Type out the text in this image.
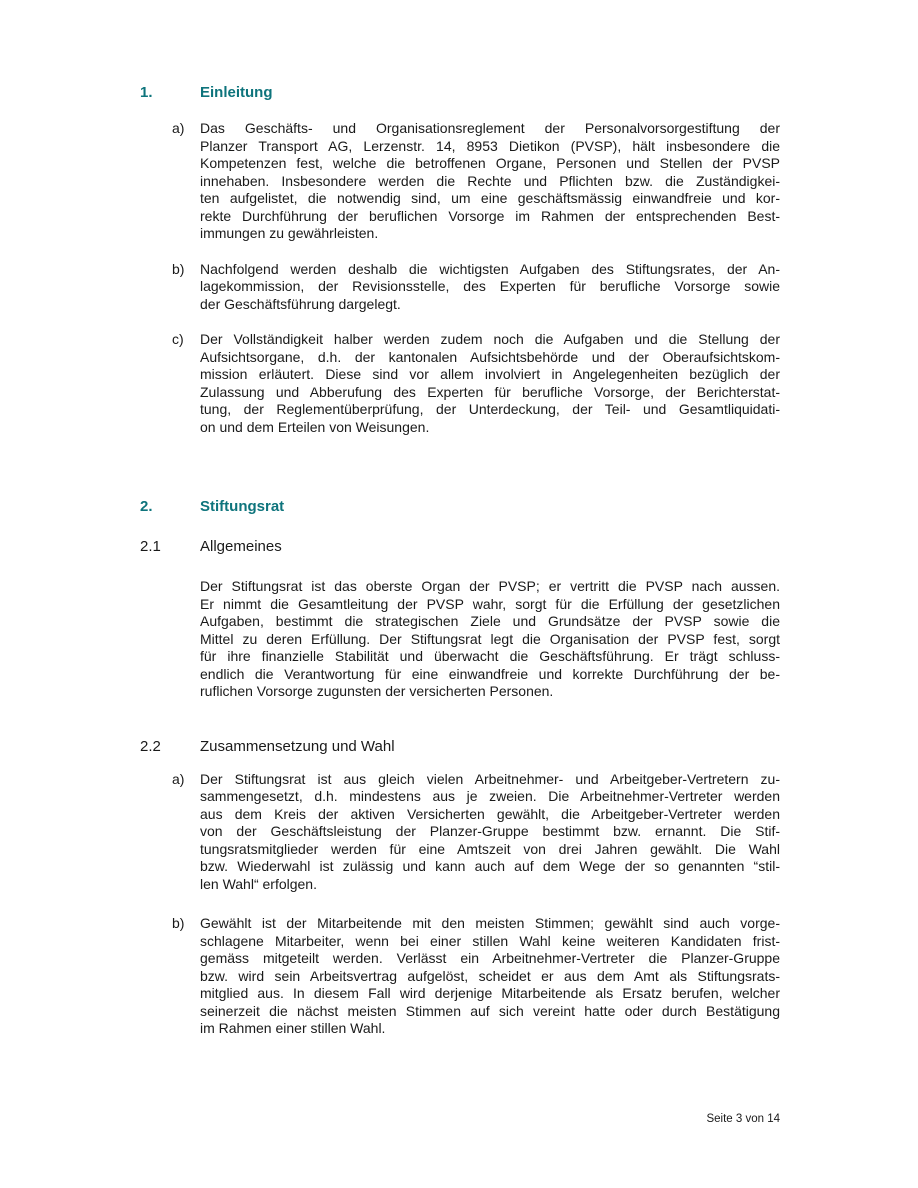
1.	Einleitung
a)	Das Geschäfts- und Organisationsreglement der Personalvorsorgestiftung der
Planzer Transport AG, Lerzenstr. 14, 8953 Dietikon (PVSP), hält insbesondere die
Kompetenzen fest, welche die betroffenen Organe, Personen und Stellen der PVSP
innehaben. Insbesondere werden die Rechte und Pflichten bzw. die Zuständigkei-
ten aufgelistet, die notwendig sind, um eine geschäftsmässig einwandfreie und kor-
rekte Durchführung der beruflichen Vorsorge im Rahmen der entsprechenden Best-
immungen zu gewährleisten.
b)	Nachfolgend werden deshalb die wichtigsten Aufgaben des Stiftungsrates, der An-
lagekommission, der Revisionsstelle, des Experten für berufliche Vorsorge sowie
der Geschäftsführung dargelegt.
c)	Der Vollständigkeit halber werden zudem noch die Aufgaben und die Stellung der
Aufsichtsorgane, d.h. der kantonalen Aufsichtsbehörde und der Oberaufsichtskom-
mission erläutert. Diese sind vor allem involviert in Angelegenheiten bezüglich der
Zulassung und Abberufung des Experten für berufliche Vorsorge, der Berichterstat-
tung, der Reglementüberprüfung, der Unterdeckung, der Teil- und Gesamtliquidati-
on und dem Erteilen von Weisungen.
2.	Stiftungsrat
2.1	Allgemeines
Der Stiftungsrat ist das oberste Organ der PVSP; er vertritt die PVSP nach aussen.
Er nimmt die Gesamtleitung der PVSP wahr, sorgt für die Erfüllung der gesetzlichen
Aufgaben, bestimmt die strategischen Ziele und Grundsätze der PVSP sowie die
Mittel zu deren Erfüllung. Der Stiftungsrat legt die Organisation der PVSP fest, sorgt
für ihre finanzielle Stabilität und überwacht die Geschäftsführung. Er trägt schluss-
endlich die Verantwortung für eine einwandfreie und korrekte Durchführung der be-
ruflichen Vorsorge zugunsten der versicherten Personen.
2.2	Zusammensetzung und Wahl
a)	Der Stiftungsrat ist aus gleich vielen Arbeitnehmer- und Arbeitgeber-Vertretern zu-
sammengesetzt, d.h. mindestens aus je zweien. Die Arbeitnehmer-Vertreter werden
aus dem Kreis der aktiven Versicherten gewählt, die Arbeitgeber-Vertreter werden
von der Geschäftsleistung der Planzer-Gruppe bestimmt bzw. ernannt. Die Stif-
tungsratsmitglieder werden für eine Amtszeit von drei Jahren gewählt. Die Wahl
bzw. Wiederwahl ist zulässig und kann auch auf dem Wege der so genannten “stil-
len Wahl“ erfolgen.
b)	Gewählt ist der Mitarbeitende mit den meisten Stimmen; gewählt sind auch vorge-
schlagene Mitarbeiter, wenn bei einer stillen Wahl keine weiteren Kandidaten frist-
gemäss mitgeteilt werden. Verlässt ein Arbeitnehmer-Vertreter die Planzer-Gruppe
bzw. wird sein Arbeitsvertrag aufgelöst, scheidet er aus dem Amt als Stiftungsrats-
mitglied aus. In diesem Fall wird derjenige Mitarbeitende als Ersatz berufen, welcher
seinerzeit die nächst meisten Stimmen auf sich vereint hatte oder durch Bestätigung
im Rahmen einer stillen Wahl.
Seite 3 von 14
